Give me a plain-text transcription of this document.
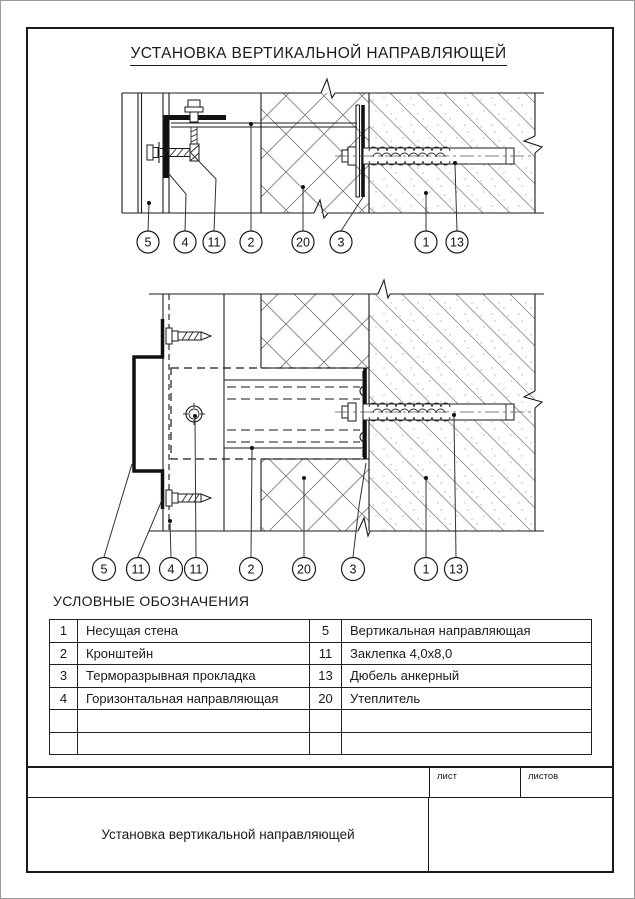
УСТАНОВКА ВЕРТИКАЛЬНОЙ НАПРАВЛЯЮЩЕЙ
5 4 11 2	20 3	1 13
5 11 4 11	2	20	3	1 13
УСЛОВНЫЕ ОБОЗНАЧЕНИЯ
1	Несущая стена	5	Вертикальная направляющая
2	Кронштейн	11	Заклепка 4,0х8,0
3	Терморазрывная прокладка	13	Дюбель анкерный
4	Горизонтальная направляющая	20	Утеплитель

лист	листов
Установка вертикальной направляющей
